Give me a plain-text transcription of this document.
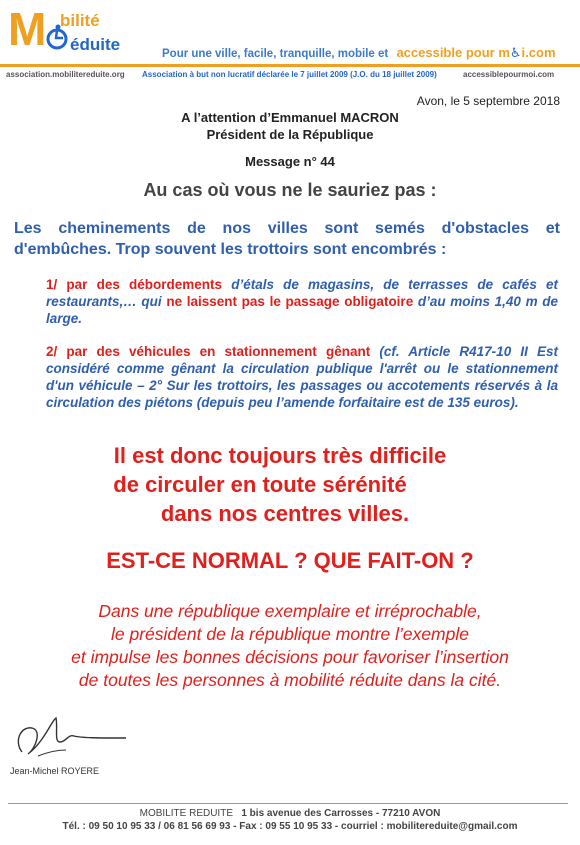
M bilité
éduite	Pour une ville, facile, tranquille, mobile et accessible pour m♿i.com
association.mobilitereduite.org Association à but non lucratif déclarée le 7 juillet 2009 (J.O. du 18 juillet 2009)	accessiblepourmoi.com
Avon, le 5 septembre 2018
A l’attention d’Emmanuel MACRON
Président de la République
Message n° 44
Au cas où vous ne le sauriez pas :
Les cheminements de nos villes sont semés d'obstacles et d'embûches. Trop souvent les trottoirs sont encombrés :
1/ par des débordements d’étals de magasins, de terrasses de cafés et restaurants,… qui ne laissent pas le passage obligatoire d’au moins 1,40 m de large.
2/ par des véhicules en stationnement gênant (cf. Article R417-10 II Est considéré comme gênant la circulation publique l'arrêt ou le stationnement d'un véhicule – 2° Sur les trottoirs, les passages ou accotements réservés à la circulation des piétons (depuis peu l’amende forfaitaire est de 135 euros).
Il est donc toujours très difficile
de circuler en toute sérénité
dans nos centres villes.
EST-CE NORMAL ? QUE FAIT-ON ?
Dans une république exemplaire et irréprochable,
le président de la république montre l’exemple
et impulse les bonnes décisions pour favoriser l’insertion
de toutes les personnes à mobilité réduite dans la cité.
Jean-Michel ROYERE
MOBILITE REDUITE 1 bis avenue des Carrosses - 77210 AVON
Tél. : 09 50 10 95 33 / 06 81 56 69 93 - Fax : 09 55 10 95 33 - courriel : mobilitereduite@gmail.com
